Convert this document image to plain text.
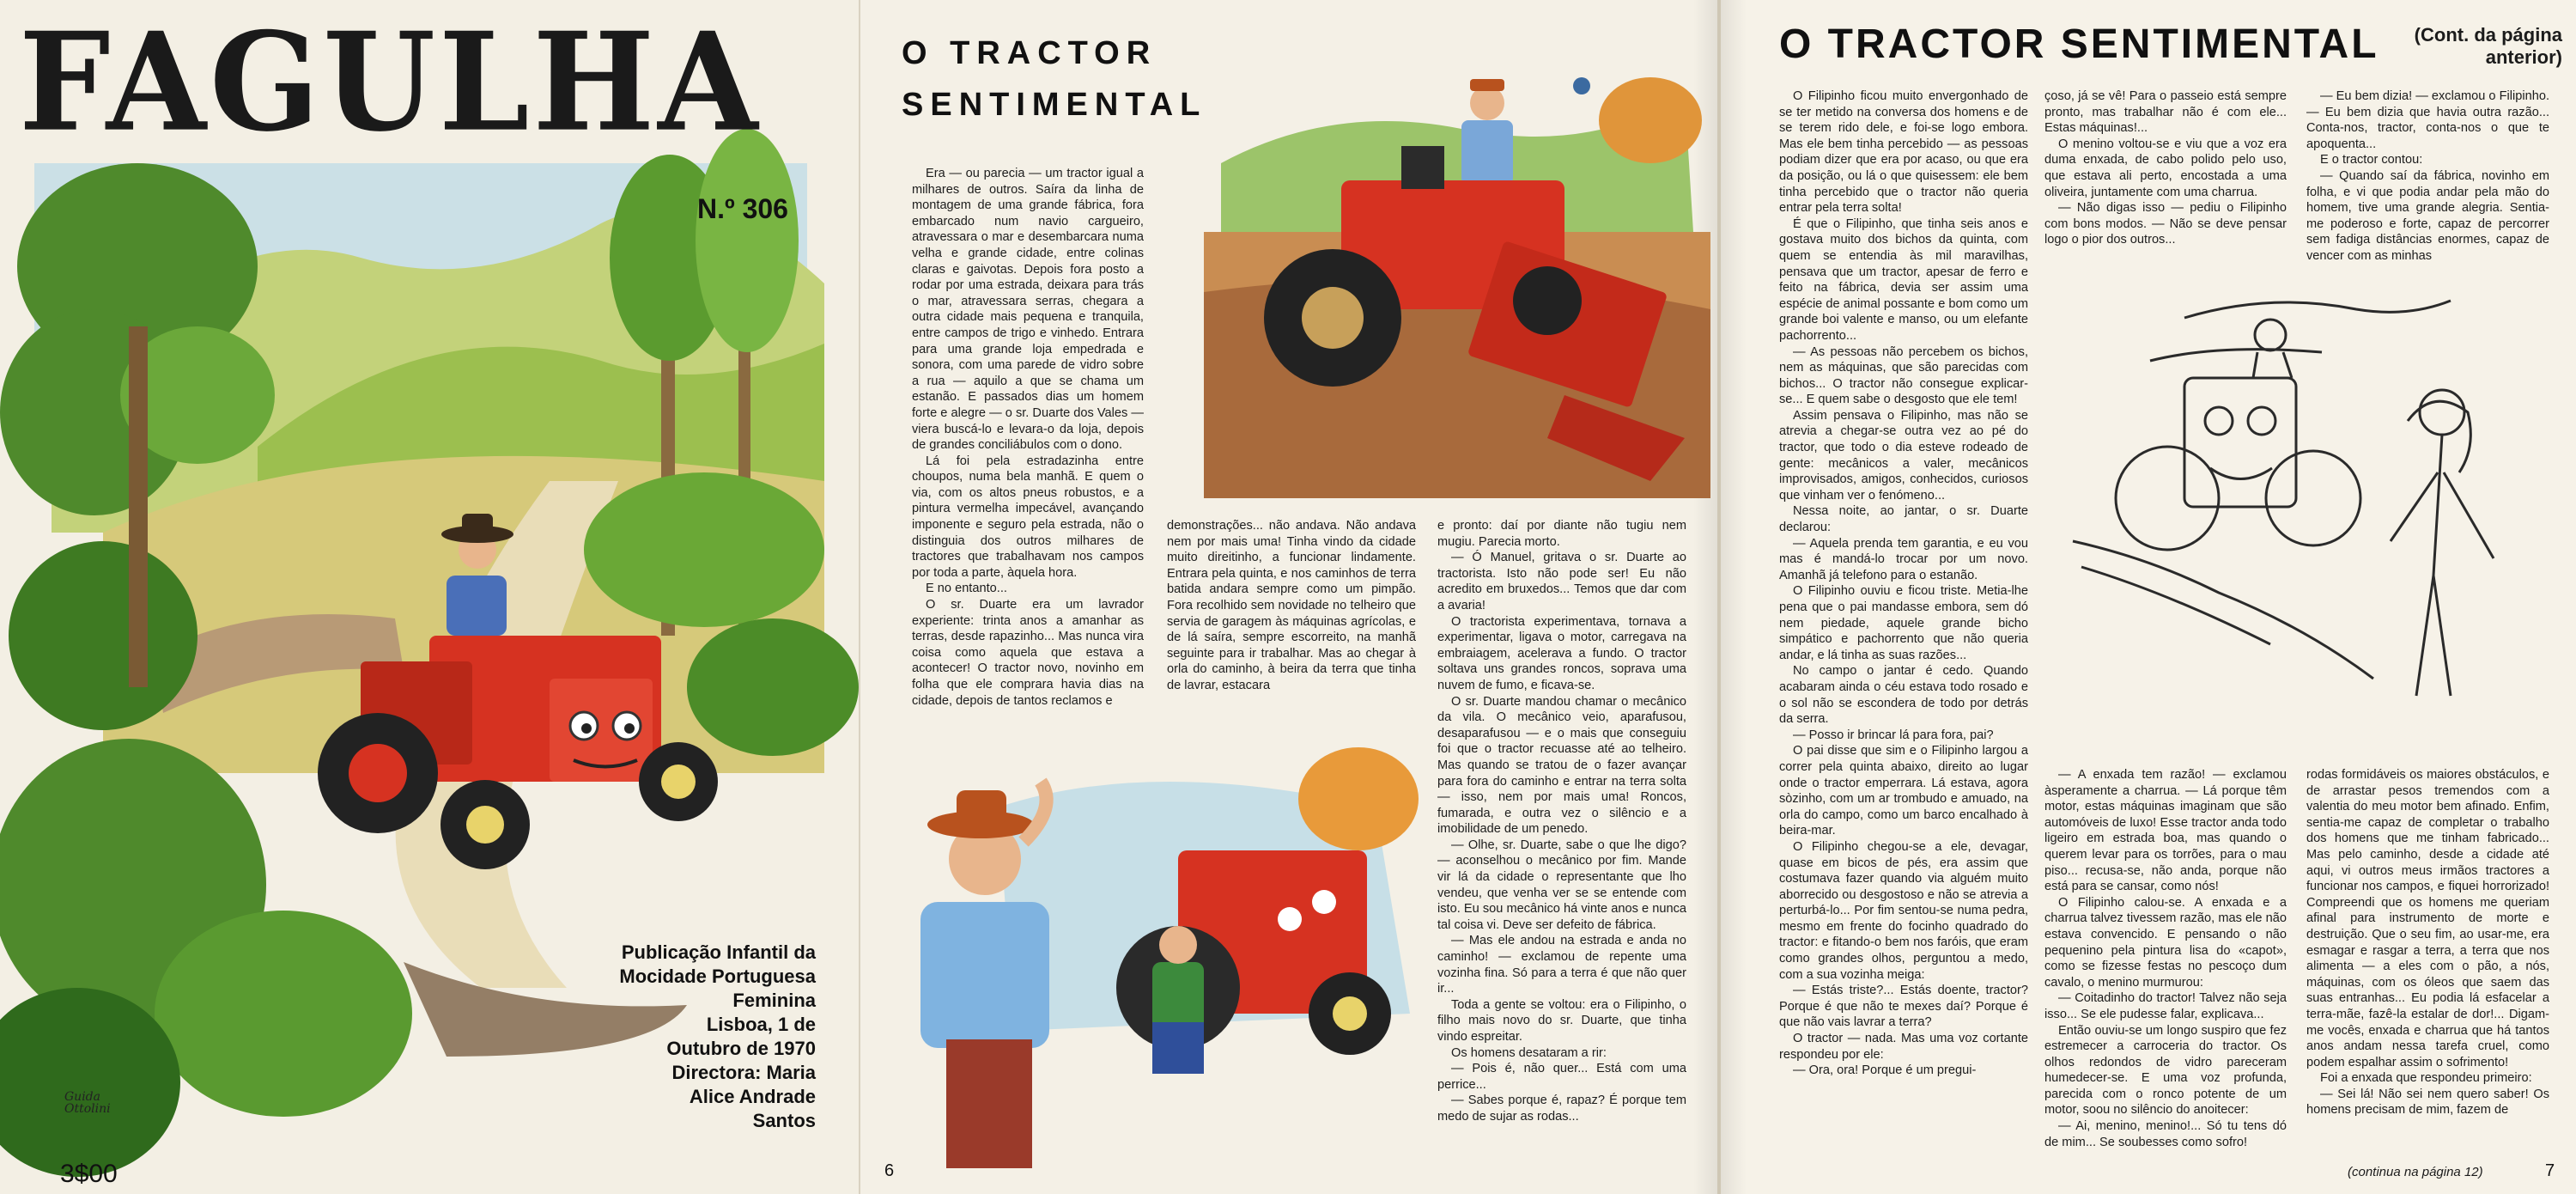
FAGULHA
N.º 306
Publicação Infantil da
Mocidade Portuguesa
Feminina
Lisboa, 1 de
Outubro de 1970
Directora: Maria
Alice Andrade
Santos
Guida
Ottolini
3$00
O TRACTOR
SENTIMENTAL

Era — ou parecia — um tractor igual a milhares de outros. Saíra da linha de montagem de uma grande fábrica, fora embarcado num navio cargueiro, atravessara o mar e desembarcara numa velha e grande cidade, entre colinas claras e gaivotas. Depois fora posto a rodar por uma estrada, deixara para trás o mar, atravessara serras, chegara a outra cidade mais pequena e tranquila, entre campos de trigo e vinhedo. Entrara para uma grande loja empedrada e sonora, com uma parede de vidro sobre a rua — aquilo a que se chama um estanão. E passados dias um homem forte e alegre — o sr. Duarte dos Vales — viera buscá-lo e levara-o da loja, depois de grandes conciliábulos com o dono.

Lá foi pela estradazinha entre choupos, numa bela manhã. E quem o via, com os altos pneus robustos, e a pintura vermelha impecável, avançando imponente e seguro pela estrada, não o distinguia dos outros milhares de tractores que trabalhavam nos campos por toda a parte, àquela hora.

E no entanto...

O sr. Duarte era um lavrador experiente: trinta anos a amanhar as terras, desde rapazinho... Mas nunca vira coisa como aquela que estava a acontecer! O tractor novo, novinho em folha que ele comprara havia dias na cidade, depois de tantos reclamos e

demonstrações... não andava. Não andava nem por mais uma! Tinha vindo da cidade muito direitinho, a funcionar lindamente. Entrara pela quinta, e nos caminhos de terra batida andara sempre como um pimpão. Fora recolhido sem novidade no telheiro que servia de garagem às máquinas agrícolas, e de lá saíra, sempre escorreito, na manhã seguinte para ir trabalhar. Mas ao chegar à orla do caminho, à beira da terra que tinha de lavrar, estacara

e pronto: daí por diante não tugiu nem mugiu. Parecia morto.

— Ó Manuel, gritava o sr. Duarte ao tractorista. Isto não pode ser! Eu não acredito em bruxedos... Temos que dar com a avaria!

O tractorista experimentava, tornava a experimentar, ligava o motor, carregava na embraiagem, acelerava a fundo. O tractor soltava uns grandes roncos, soprava uma nuvem de fumo, e ficava-se.

O sr. Duarte mandou chamar o mecânico da vila. O mecânico veio, aparafusou, desaparafusou — e o mais que conseguiu foi que o tractor recuasse até ao telheiro. Mas quando se tratou de o fazer avançar para fora do caminho e entrar na terra solta — isso, nem por mais uma! Roncos, fumarada, e outra vez o silêncio e a imobilidade de um penedo.

— Olhe, sr. Duarte, sabe o que lhe digo? — aconselhou o mecânico por fim. Mande vir lá da cidade o representante que lho vendeu, que venha ver se se entende com isto. Eu sou mecânico há vinte anos e nunca tal coisa vi. Deve ser defeito de fábrica.

— Mas ele andou na estrada e anda no caminho! — exclamou de repente uma vozinha fina. Só para a terra é que não quer ir...

Toda a gente se voltou: era o Filipinho, o filho mais novo do sr. Duarte, que tinha vindo espreitar.

Os homens desataram a rir:

— Pois é, não quer... Está com uma perrice...

— Sabes porque é, rapaz? É porque tem medo de sujar as rodas...

6
O TRACTOR SENTIMENTAL	(Cont. da página anterior)

O Filipinho ficou muito envergonhado de se ter metido na conversa dos homens e de se terem rido dele, e foi-se logo embora. Mas ele bem tinha percebido — as pessoas podiam dizer que era por acaso, ou que era da posição, ou lá o que quisessem: ele bem tinha percebido que o tractor não queria entrar pela terra solta!

É que o Filipinho, que tinha seis anos e gostava muito dos bichos da quinta, com quem se entendia às mil maravilhas, pensava que um tractor, apesar de ferro e feito na fábrica, devia ser assim uma espécie de animal possante e bom como um grande boi valente e manso, ou um elefante pachorrento...

— As pessoas não percebem os bichos, nem as máquinas, que são parecidas com bichos... O tractor não consegue explicar-se... E quem sabe o desgosto que ele tem!

Assim pensava o Filipinho, mas não se atrevia a chegar-se outra vez ao pé do tractor, que todo o dia esteve rodeado de gente: mecânicos a valer, mecânicos improvisados, amigos, conhecidos, curiosos que vinham ver o fenómeno...

Nessa noite, ao jantar, o sr. Duarte declarou:

— Aquela prenda tem garantia, e eu vou mas é mandá-lo trocar por um novo. Amanhã já telefono para o estanão.

O Filipinho ouviu e ficou triste. Metia-lhe pena que o pai mandasse embora, sem dó nem piedade, aquele grande bicho simpático e pachorrento que não queria andar, e lá tinha as suas razões...

No campo o jantar é cedo. Quando acabaram ainda o céu estava todo rosado e o sol não se escondera de todo por detrás da serra.

— Posso ir brincar lá para fora, pai?

O pai disse que sim e o Filipinho largou a correr pela quinta abaixo, direito ao lugar onde o tractor emperrara. Lá estava, agora sòzinho, com um ar trombudo e amuado, na orla do campo, como um barco encalhado à beira-mar.

O Filipinho chegou-se a ele, devagar, quase em bicos de pés, era assim que costumava fazer quando via alguém muito aborrecido ou desgostoso e não se atrevia a perturbá-lo... Por fim sentou-se numa pedra, mesmo em frente do focinho quadrado do tractor: e fitando-o bem nos faróis, que eram como grandes olhos, perguntou a medo, com a sua vozinha meiga:

— Estás triste?... Estás doente, tractor? Porque é que não te mexes daí? Porque é que não vais lavrar a terra?

O tractor — nada. Mas uma voz cortante respondeu por ele:

— Ora, ora! Porque é um pregui-

çoso, já se vê! Para o passeio está sempre pronto, mas trabalhar não é com ele... Estas máquinas!...

O menino voltou-se e viu que a voz era duma enxada, de cabo polido pelo uso, que estava ali perto, encostada a uma oliveira, juntamente com uma charrua.

— Não digas isso — pediu o Filipinho com bons modos. — Não se deve pensar logo o pior dos outros...

— Eu bem dizia! — exclamou o Filipinho. — Eu bem dizia que havia outra razão... Conta-nos, tractor, conta-nos o que te apoquenta...

E o tractor contou:

— Quando saí da fábrica, novinho em folha, e vi que podia andar pela mão do homem, tive uma grande alegria. Sentia-me poderoso e forte, capaz de percorrer sem fadiga distâncias enormes, capaz de vencer com as minhas

— A enxada tem razão! — exclamou àsperamente a charrua. — Lá porque têm motor, estas máquinas imaginam que são automóveis de luxo! Esse tractor anda todo ligeiro em estrada boa, mas quando o querem levar para os torrões, para o mau piso... recusa-se, não anda, porque não está para se cansar, como nós!

O Filipinho calou-se. A enxada e a charrua talvez tivessem razão, mas ele não estava convencido. E pensando o não pequenino pela pintura lisa do «capot», como se fizesse festas no pescoço dum cavalo, o menino murmurou:

— Coitadinho do tractor! Talvez não seja isso... Se ele pudesse falar, explicava...

Então ouviu-se um longo suspiro que fez estremecer a carroceria do tractor. Os olhos redondos de vidro pareceram humedecer-se. E uma voz profunda, parecida com o ronco potente de um motor, soou no silêncio do anoitecer:

— Ai, menino, menino!... Só tu tens dó de mim... Se soubesses como sofro!

rodas formidáveis os maiores obstáculos, e de arrastar pesos tremendos com a valentia do meu motor bem afinado. Enfim, sentia-me capaz de completar o trabalho dos homens que me tinham fabricado... Mas pelo caminho, desde a cidade até aqui, vi outros meus irmãos tractores a funcionar nos campos, e fiquei horrorizado! Compreendi que os homens me queriam afinal para instrumento de morte e destruição. Que o seu fim, ao usar-me, era esmagar e rasgar a terra, a terra que nos alimenta — a eles com o pão, a nós, máquinas, com os óleos que saem das suas entranhas... Eu podia lá esfacelar a terra-mãe, fazê-la estalar de dor!... Digam-me vocês, enxada e charrua que há tantos anos andam nessa tarefa cruel, como podem espalhar assim o sofrimento!

Foi a enxada que respondeu primeiro:

— Sei lá! Não sei nem quero saber! Os homens precisam de mim, fazem de

(continua na página 12)	7
